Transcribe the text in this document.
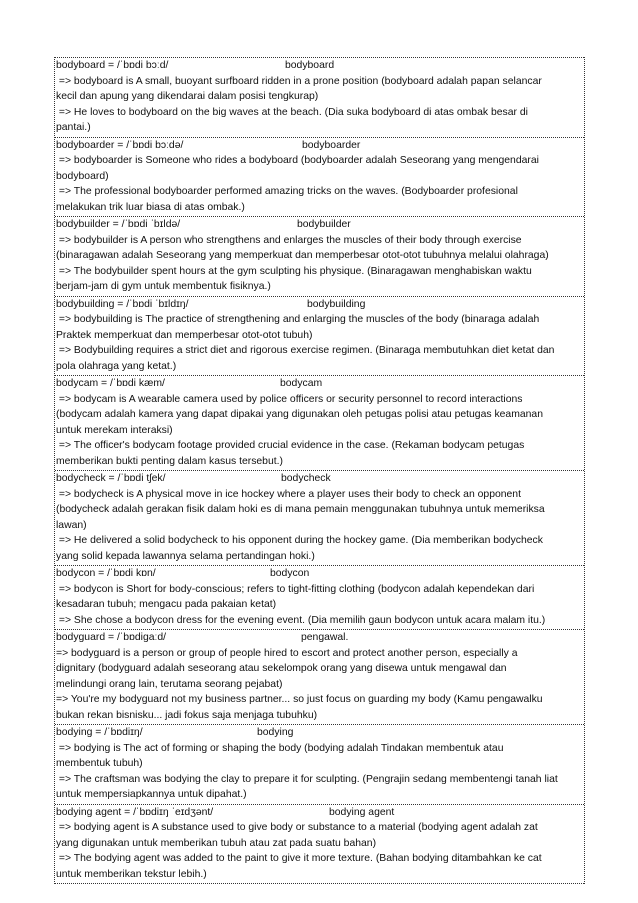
bodyboard = /ˈbɒdi bɔːd/

	bodyboard

=> bodyboard is A small, buoyant surfboard ridden in a prone position (bodyboard adalah papan selancar
kecil dan apung yang dikendarai dalam posisi tengkurap)
=> He loves to bodyboard on the big waves at the beach. (Dia suka bodyboard di atas ombak besar di
pantai.)

bodyboarder = /ˈbɒdi bɔːdə/

	bodyboarder

=> bodyboarder is Someone who rides a bodyboard (bodyboarder adalah Seseorang yang mengendarai
bodyboard)
=> The professional bodyboarder performed amazing tricks on the waves. (Bodyboarder profesional
melakukan trik luar biasa di atas ombak.)

bodybuilder = /ˈbɒdi ˈbɪldə/

	bodybuilder

=> bodybuilder is A person who strengthens and enlarges the muscles of their body through exercise
(binaragawan adalah Seseorang yang memperkuat dan memperbesar otot-otot tubuhnya melalui olahraga)
=> The bodybuilder spent hours at the gym sculpting his physique. (Binaragawan menghabiskan waktu
berjam-jam di gym untuk membentuk fisiknya.)

bodybuilding = /ˈbɒdi ˈbɪldɪŋ/

	bodybuilding

=> bodybuilding is The practice of strengthening and enlarging the muscles of the body (binaraga adalah
Praktek memperkuat dan memperbesar otot-otot tubuh)
=> Bodybuilding requires a strict diet and rigorous exercise regimen. (Binaraga membutuhkan diet ketat dan
pola olahraga yang ketat.)

bodycam = /ˈbɒdi kæm/

	bodycam

=> bodycam is A wearable camera used by police officers or security personnel to record interactions
(bodycam adalah kamera yang dapat dipakai yang digunakan oleh petugas polisi atau petugas keamanan
untuk merekam interaksi)
=> The officer's bodycam footage provided crucial evidence in the case. (Rekaman bodycam petugas
memberikan bukti penting dalam kasus tersebut.)

bodycheck = /ˈbɒdi tʃek/

	bodycheck

=> bodycheck is A physical move in ice hockey where a player uses their body to check an opponent
(bodycheck adalah gerakan fisik dalam hoki es di mana pemain menggunakan tubuhnya untuk memeriksa
lawan)
=> He delivered a solid bodycheck to his opponent during the hockey game. (Dia memberikan bodycheck
yang solid kepada lawannya selama pertandingan hoki.)

bodycon = /ˈbɒdi kɒn/

	bodycon

=> bodycon is Short for body-conscious; refers to tight-fitting clothing (bodycon adalah kependekan dari
kesadaran tubuh; mengacu pada pakaian ketat)
=> She chose a bodycon dress for the evening event. (Dia memilih gaun bodycon untuk acara malam itu.)

bodyguard = /ˈbɒdigaːd/

	pengawal.

=> bodyguard is a person or group of people hired to escort and protect another person, especially a
dignitary (bodyguard adalah seseorang atau sekelompok orang yang disewa untuk mengawal dan
melindungi orang lain, terutama seorang pejabat)
=> You're my bodyguard not my business partner... so just focus on guarding my body (Kamu pengawalku
bukan rekan bisnisku... jadi fokus saja menjaga tubuhku)

bodying = /ˈbɒdiɪŋ/

	bodying

=> bodying is The act of forming or shaping the body (bodying adalah Tindakan membentuk atau
membentuk tubuh)
=> The craftsman was bodying the clay to prepare it for sculpting. (Pengrajin sedang membentengi tanah liat
untuk mempersiapkannya untuk dipahat.)

bodying agent = /ˈbɒdiɪŋ ˈeɪdʒənt/

	bodying agent

=> bodying agent is A substance used to give body or substance to a material (bodying agent adalah zat
yang digunakan untuk memberikan tubuh atau zat pada suatu bahan)
=> The bodying agent was added to the paint to give it more texture. (Bahan bodying ditambahkan ke cat
untuk memberikan tekstur lebih.)
